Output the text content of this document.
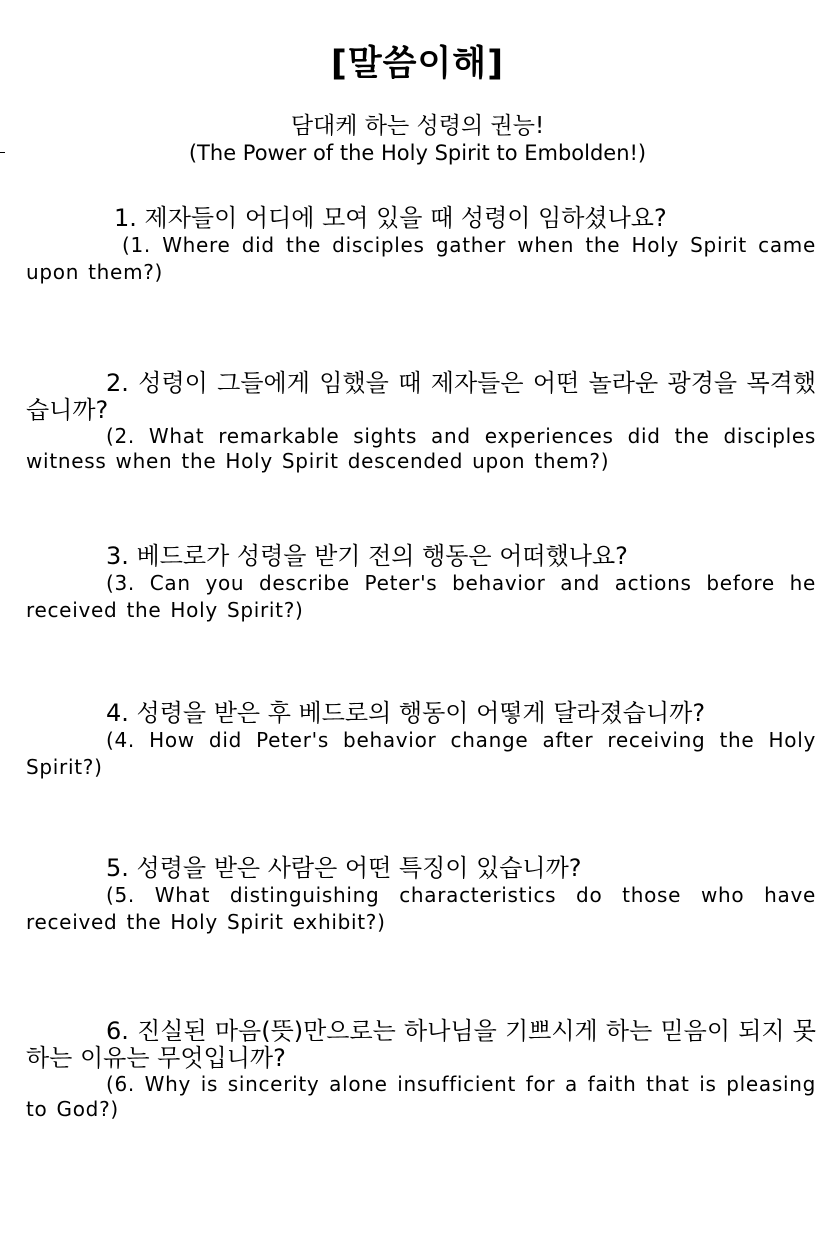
[말씀이해]
담대케 하는 성령의 권능!
(The Power of the Holy Spirit to Embolden!)
1. 제자들이 어디에 모여 있을 때 성령이 임하셨나요?
(1. Where did the disciples gather when the Holy Spirit came upon them?)
2. 성령이 그들에게 임했을 때 제자들은 어떤 놀라운 광경을 목격했습니까?
(2. What remarkable sights and experiences did the disciples witness when the Holy Spirit descended upon them?)
3. 베드로가 성령을 받기 전의 행동은 어떠했나요?
(3. Can you describe Peter's behavior and actions before he received the Holy Spirit?)
4. 성령을 받은 후 베드로의 행동이 어떻게 달라졌습니까?
(4. How did Peter's behavior change after receiving the Holy Spirit?)
5. 성령을 받은 사람은 어떤 특징이 있습니까?
(5. What distinguishing characteristics do those who have received the Holy Spirit exhibit?)
6. 진실된 마음(뜻)만으로는 하나님을 기쁘시게 하는 믿음이 되지 못하는 이유는 무엇입니까?
(6. Why is sincerity alone insufficient for a faith that is pleasing to God?)
